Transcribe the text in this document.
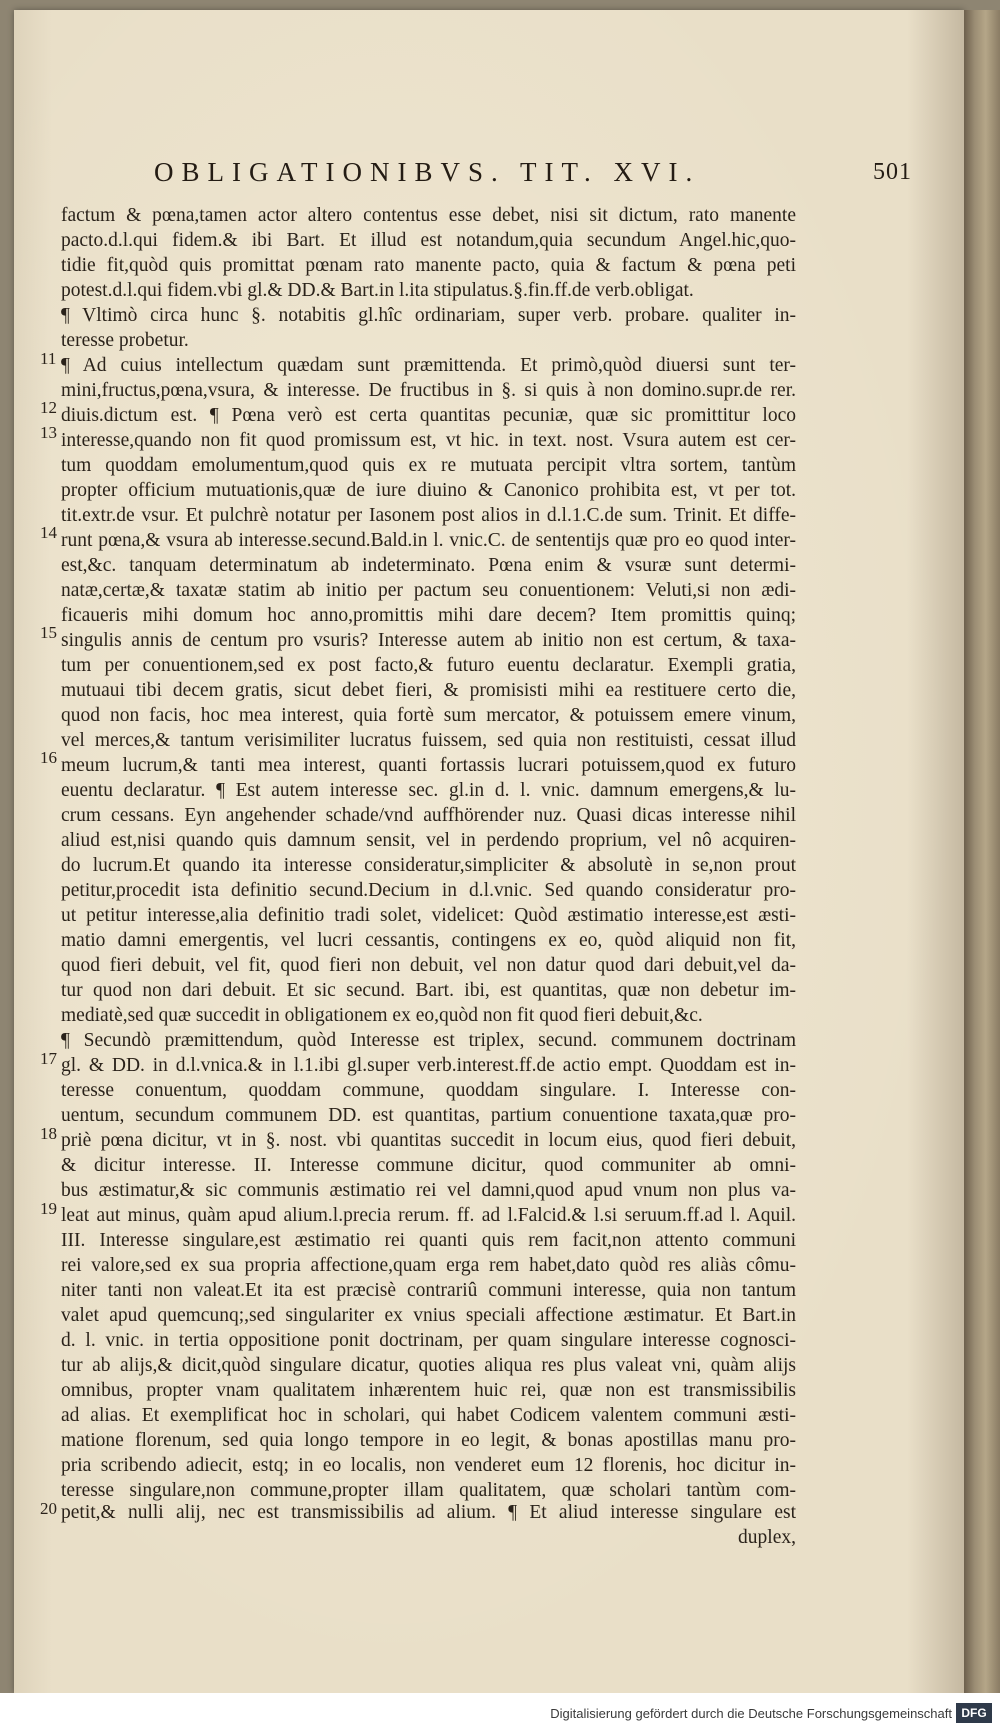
OBLIGATIONIBVS. TIT. XVI.	501
factum & pœna,tamen actor altero contentus esse debet, nisi sit dictum, rato manente
pacto.d.l.qui fidem.& ibi Bart. Et illud est notandum,quia secundum Angel.hic,quo-
tidie fit,quòd quis promittat pœnam rato manente pacto, quia & factum & pœna peti
potest.d.l.qui fidem.vbi gl.& DD.& Bart.in l.ita stipulatus.§.fin.ff.de verb.obligat.
¶ Vltimò circa hunc §. notabitis gl.hîc ordinariam, super verb. probare. qualiter in-
teresse probetur.
¶ Ad cuius intellectum quædam sunt præmittenda. Et primò,quòd diuersi sunt ter-
mini,fructus,pœna,vsura, & interesse. De fructibus in §. si quis à non domino.supr.de rer.
diuis.dictum est. ¶ Pœna verò est certa quantitas pecuniæ, quæ sic promittitur loco
interesse,quando non fit quod promissum est, vt hic. in text. nost. Vsura autem est cer-
tum quoddam emolumentum,quod quis ex re mutuata percipit vltra sortem, tantùm
propter officium mutuationis,quæ de iure diuino & Canonico prohibita est, vt per tot.
tit.extr.de vsur. Et pulchrè notatur per Iasonem post alios in d.l.1.C.de sum. Trinit. Et diffe-
runt pœna,& vsura ab interesse.secund.Bald.in l. vnic.C. de sententijs quæ pro eo quod inter-
est,&c. tanquam determinatum ab indeterminato. Pœna enim & vsuræ sunt determi-
natæ,certæ,& taxatæ statim ab initio per pactum seu conuentionem: Veluti,si non ædi-
ficaueris mihi domum hoc anno,promittis mihi dare decem? Item promittis quinq;
singulis annis de centum pro vsuris? Interesse autem ab initio non est certum, & taxa-
tum per conuentionem,sed ex post facto,& futuro euentu declaratur. Exempli gratia,
mutuaui tibi decem gratis, sicut debet fieri, & promisisti mihi ea restituere certo die,
quod non facis, hoc mea interest, quia fortè sum mercator, & potuissem emere vinum,
vel merces,& tantum verisimiliter lucratus fuissem, sed quia non restituisti, cessat illud
meum lucrum,& tanti mea interest, quanti fortassis lucrari potuissem,quod ex futuro
euentu declaratur. ¶ Est autem interesse sec. gl.in d. l. vnic. damnum emergens,& lu-
crum cessans. Eyn angehender schade/vnd auffhörender nuz. Quasi dicas interesse nihil
aliud est,nisi quando quis damnum sensit, vel in perdendo proprium, vel nô acquiren-
do lucrum.Et quando ita interesse consideratur,simpliciter & absolutè in se,non prout
petitur,procedit ista definitio secund.Decium in d.l.vnic. Sed quando consideratur pro-
ut petitur interesse,alia definitio tradi solet, videlicet: Quòd æstimatio interesse,est æsti-
matio damni emergentis, vel lucri cessantis, contingens ex eo, quòd aliquid non fit,
quod fieri debuit, vel fit, quod fieri non debuit, vel non datur quod dari debuit,vel da-
tur quod non dari debuit. Et sic secund. Bart. ibi, est quantitas, quæ non debetur im-
mediatè,sed quæ succedit in obligationem ex eo,quòd non fit quod fieri debuit,&c.
¶ Secundò præmittendum, quòd Interesse est triplex, secund. communem doctrinam
gl. & DD. in d.l.vnica.& in l.1.ibi gl.super verb.interest.ff.de actio empt. Quoddam est in-
teresse conuentum, quoddam commune, quoddam singulare. I. Interesse con-
uentum, secundum communem DD. est quantitas, partium conuentione taxata,quæ pro-
priè pœna dicitur, vt in §. nost. vbi quantitas succedit in locum eius, quod fieri debuit,
& dicitur interesse. II. Interesse commune dicitur, quod communiter ab omni-
bus æstimatur,& sic communis æstimatio rei vel damni,quod apud vnum non plus va-
leat aut minus, quàm apud alium.l.precia rerum. ff. ad l.Falcid.& l.si seruum.ff.ad l. Aquil.
III. Interesse singulare,est æstimatio rei quanti quis rem facit,non attento communi
rei valore,sed ex sua propria affectione,quam erga rem habet,dato quòd res aliàs cômu-
niter tanti non valeat.Et ita est præcisè contrariû communi interesse, quia non tantum
valet apud quemcunq;,sed singulariter ex vnius speciali affectione æstimatur. Et Bart.in
d. l. vnic. in tertia oppositione ponit doctrinam, per quam singulare interesse cognosci-
tur ab alijs,& dicit,quòd singulare dicatur, quoties aliqua res plus valeat vni, quàm alijs
omnibus, propter vnam qualitatem inhærentem huic rei, quæ non est transmissibilis
ad alias. Et exemplificat hoc in scholari, qui habet Codicem valentem communi æsti-
matione florenum, sed quia longo tempore in eo legit, & bonas apostillas manu pro-
pria scribendo adiecit, estq; in eo localis, non venderet eum 12 florenis, hoc dicitur in-
teresse singulare,non commune,propter illam qualitatem, quæ scholari tantùm com-
petit,& nulli alij, nec est transmissibilis ad alium. ¶ Et aliud interesse singulare est
duplex,
11
12
13
14
15
16
17
18
19
20
Digitalisierung gefördert durch die Deutsche Forschungsgemeinschaft DFG
